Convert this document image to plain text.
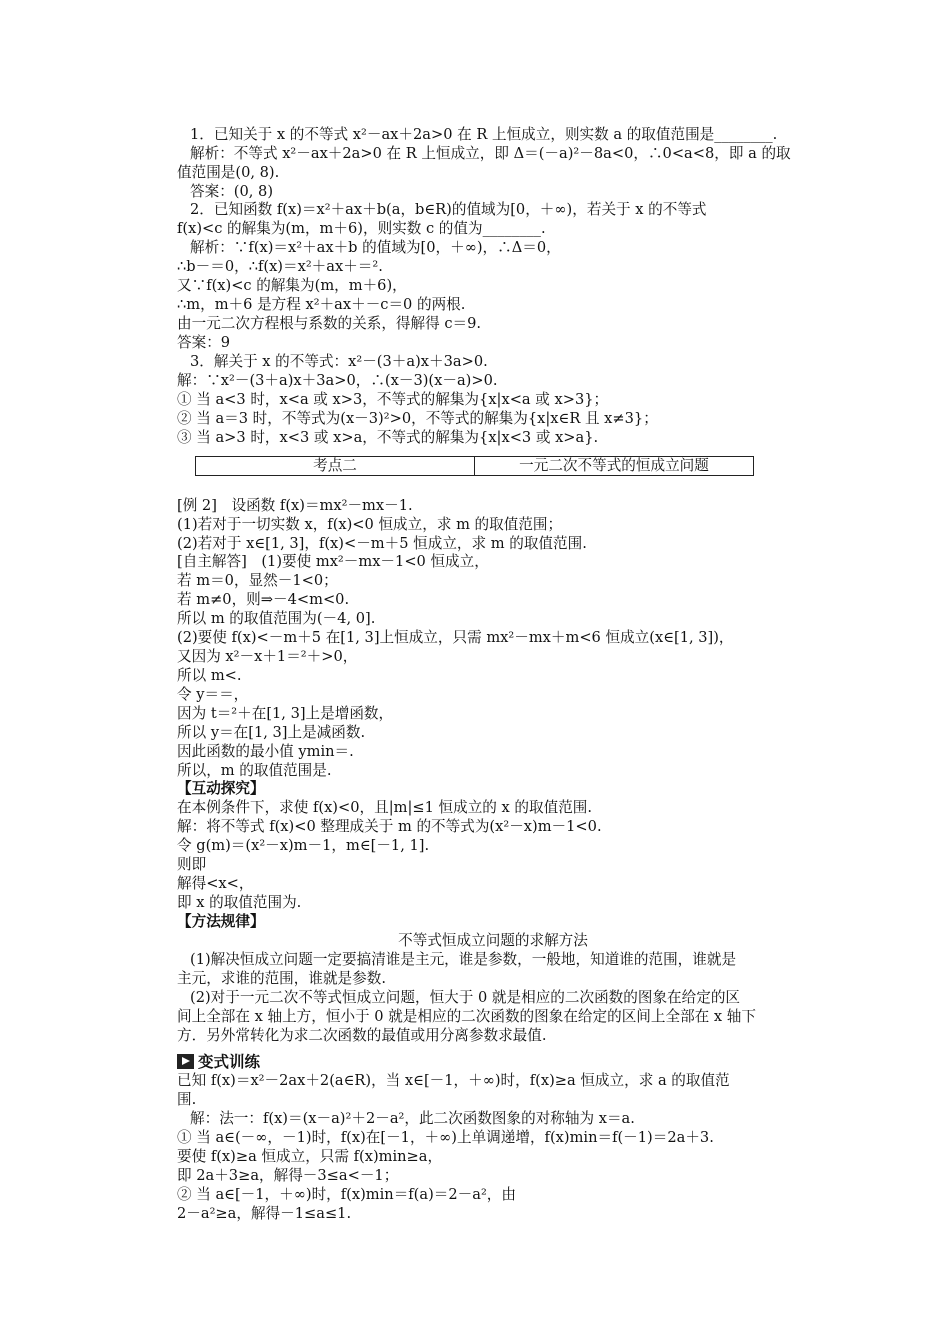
1．已知关于 x 的不等式 x²－ax＋2a>0 在 R 上恒成立，则实数 a 的取值范围是________.
解析：不等式 x²－ax＋2a>0 在 R 上恒成立，即 Δ＝(－a)²－8a<0，∴0<a<8，即 a 的取
值范围是(0, 8).
答案：(0, 8)
2．已知函数 f(x)＝x²＋ax＋b(a，b∈R)的值域为[0，＋∞)，若关于 x 的不等式
f(x)<c 的解集为(m，m＋6)，则实数 c 的值为________.
解析：∵f(x)＝x²＋ax＋b 的值域为[0，＋∞)，∴Δ＝0，
∴b－＝0，∴f(x)＝x²＋ax＋＝².
又∵f(x)<c 的解集为(m，m＋6)，
∴m，m＋6 是方程 x²＋ax＋－c＝0 的两根.
由一元二次方程根与系数的关系，得解得 c＝9.
答案：9
3．解关于 x 的不等式：x²－(3＋a)x＋3a>0.
解：∵x²－(3＋a)x＋3a>0，∴(x－3)(x－a)>0.
① 当 a<3 时，x<a 或 x>3，不等式的解集为{x|x<a 或 x>3}；
② 当 a＝3 时，不等式为(x－3)²>0，不等式的解集为{x|x∈R 且 x≠3}；
③ 当 a>3 时，x<3 或 x>a，不等式的解集为{x|x<3 或 x>a}.
考点二	一元二次不等式的恒成立问题
[例 2]　设函数 f(x)＝mx²－mx－1.
(1)若对于一切实数 x，f(x)<0 恒成立，求 m 的取值范围；
(2)若对于 x∈[1, 3]，f(x)<－m＋5 恒成立，求 m 的取值范围.
[自主解答]　(1)要使 mx²－mx－1<0 恒成立，
若 m＝0，显然－1<0；
若 m≠0，则⇒－4<m<0.
所以 m 的取值范围为(－4, 0].
(2)要使 f(x)<－m＋5 在[1, 3]上恒成立，只需 mx²－mx＋m<6 恒成立(x∈[1, 3])，
又因为 x²－x＋1＝²＋>0，
所以 m<.
令 y＝＝，
因为 t＝²＋在[1, 3]上是增函数，
所以 y＝在[1, 3]上是减函数.
因此函数的最小值 ymin＝.
所以，m 的取值范围是.
【互动探究】
在本例条件下，求使 f(x)<0，且|m|≤1 恒成立的 x 的取值范围.
解：将不等式 f(x)<0 整理成关于 m 的不等式为(x²－x)m－1<0.
令 g(m)＝(x²－x)m－1，m∈[－1, 1].
则即
解得<x<，
即 x 的取值范围为.
【方法规律】
不等式恒成立问题的求解方法
(1)解决恒成立问题一定要搞清谁是主元，谁是参数，一般地，知道谁的范围，谁就是
主元，求谁的范围，谁就是参数.
(2)对于一元二次不等式恒成立问题，恒大于 0 就是相应的二次函数的图象在给定的区
间上全部在 x 轴上方，恒小于 0 就是相应的二次函数的图象在给定的区间上全部在 x 轴下
方．另外常转化为求二次函数的最值或用分离参数求最值.
变式训练
已知 f(x)＝x²－2ax＋2(a∈R)，当 x∈[－1，＋∞)时，f(x)≥a 恒成立，求 a 的取值范
围.
解：法一：f(x)＝(x－a)²＋2－a²，此二次函数图象的对称轴为 x＝a.
① 当 a∈(－∞，－1)时，f(x)在[－1，＋∞)上单调递增，f(x)min＝f(－1)＝2a＋3.
要使 f(x)≥a 恒成立，只需 f(x)min≥a，
即 2a＋3≥a，解得－3≤a<－1；
② 当 a∈[－1，＋∞)时，f(x)min＝f(a)＝2－a²，由
2－a²≥a，解得－1≤a≤1.
